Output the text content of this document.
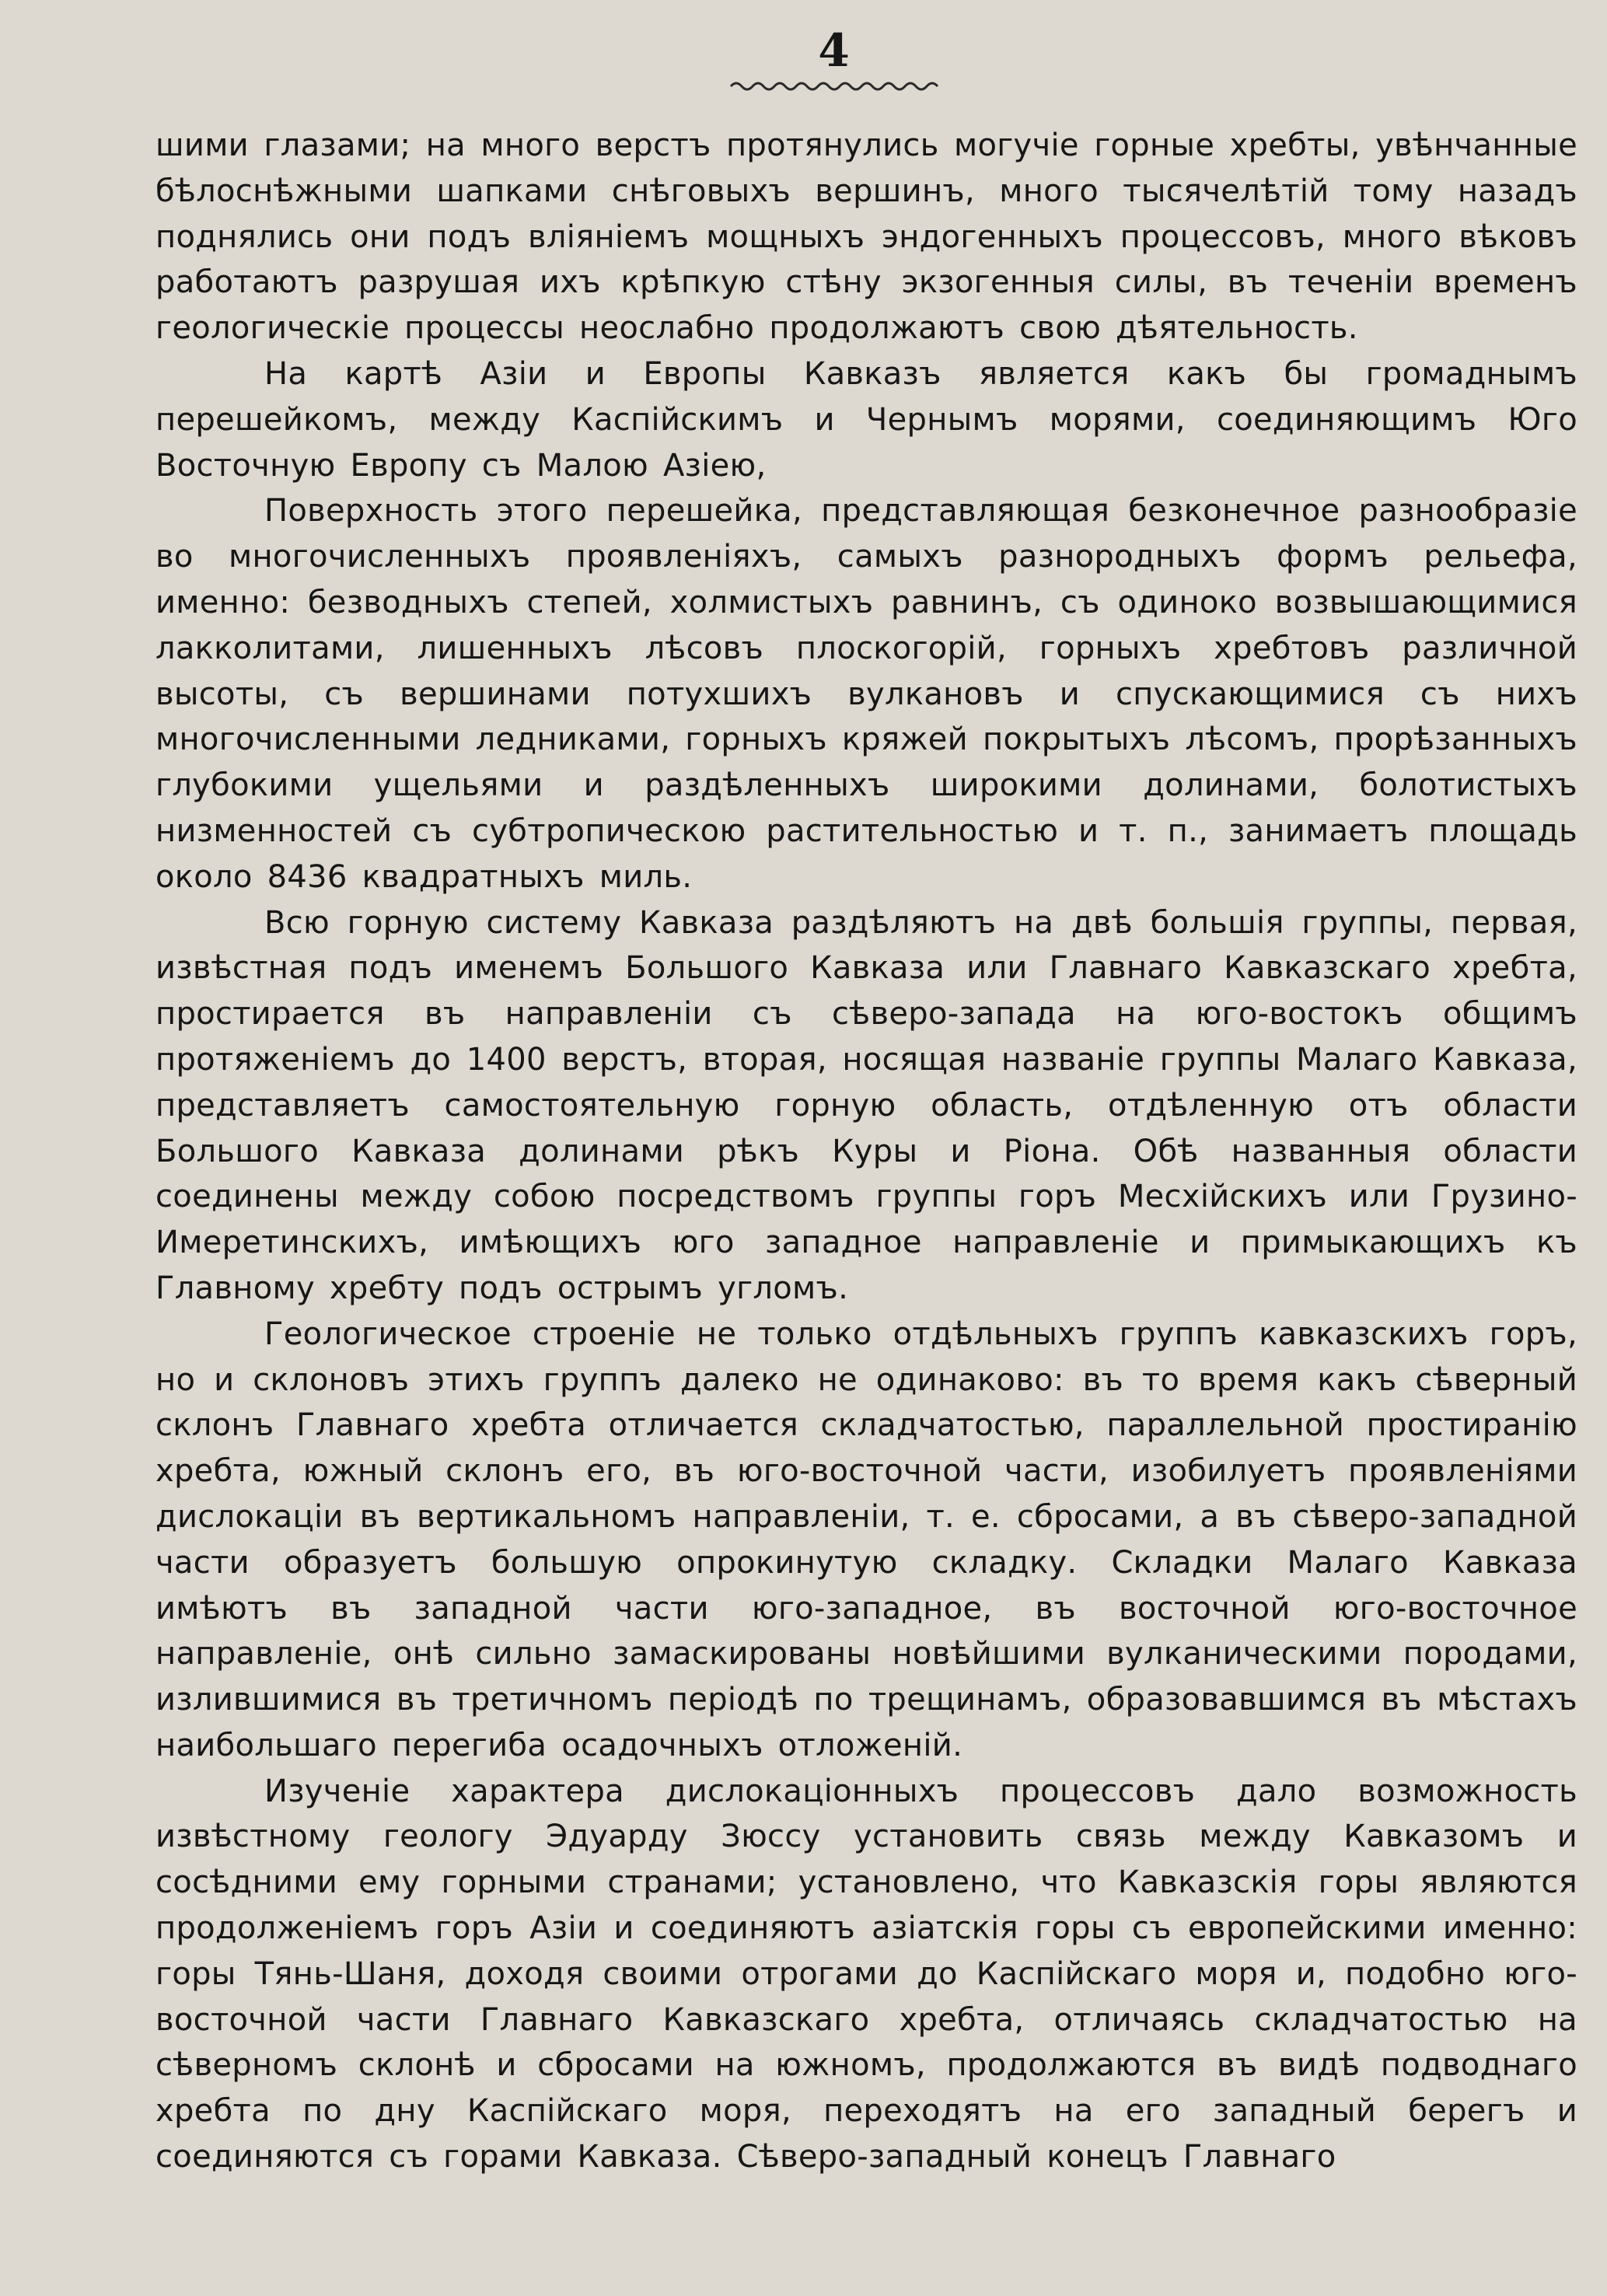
4

шими глазами; на много верстъ протянулись могучіе горные хребты, увѣнчанные бѣлоснѣжными шапками снѣговыхъ вершинъ, много тысячелѣтій тому назадъ поднялись они подъ вліяніемъ мощныхъ эндогенныхъ процессовъ, много вѣковъ работаютъ разрушая ихъ крѣпкую стѣну экзогенныя силы, въ теченіи временъ геологическіе процессы неослабно продолжаютъ свою дѣятельность.

На картѣ Азіи и Европы Кавказъ является какъ бы громаднымъ перешейкомъ, между Каспійскимъ и Чернымъ морями, соединяющимъ Юго Восточную Европу съ Малою Азіею,

Поверхность этого перешейка, представляющая безконечное разнообразіе во многочисленныхъ проявленіяхъ, самыхъ разнородныхъ формъ рельефа, именно: безводныхъ степей, холмистыхъ равнинъ, съ одиноко возвышающимися лакколитами, лишенныхъ лѣсовъ плоскогорій, горныхъ хребтовъ различной высоты, съ вершинами потухшихъ вулкановъ и спускающимися съ нихъ многочисленными ледниками, горныхъ кряжей покрытыхъ лѣсомъ, прорѣзанныхъ глубокими ущельями и раздѣленныхъ широкими долинами, болотистыхъ низменностей съ субтропическою растительностью и т. п., занимаетъ площадь около 8436 квадратныхъ миль.

Всю горную систему Кавказа раздѣляютъ на двѣ большія группы, первая, извѣстная подъ именемъ Большого Кавказа или Главнаго Кавказскаго хребта, простирается въ направленіи съ сѣверо-запада на юго-востокъ общимъ протяженіемъ до 1400 верстъ, вторая, носящая названіе группы Малаго Кавказа, представляетъ самостоятельную горную область, отдѣленную отъ области Большого Кавказа долинами рѣкъ Куры и Ріона. Обѣ названныя области соединены между собою посредствомъ группы горъ Месхійскихъ или Грузино-Имеретинскихъ, имѣющихъ юго западное направленіе и примыкающихъ къ Главному хребту подъ острымъ угломъ.

Геологическое строеніе не только отдѣльныхъ группъ кавказскихъ горъ, но и склоновъ этихъ группъ далеко не одинаково: въ то время какъ сѣверный склонъ Главнаго хребта отличается складчатостью, параллельной простиранію хребта, южный склонъ его, въ юго-восточной части, изобилуетъ проявленіями дислокаціи въ вертикальномъ направленіи, т. е. сбросами, а въ сѣверо-западной части образуетъ большую опрокинутую складку. Складки Малаго Кавказа имѣютъ въ западной части юго-западное, въ восточной юго-восточное направленіе, онѣ сильно замаскированы новѣйшими вулканическими породами, излившимися въ третичномъ періодѣ по трещинамъ, образовавшимся въ мѣстахъ наибольшаго перегиба осадочныхъ отложеній.

Изученіе характера дислокаціонныхъ процессовъ дало возможность извѣстному геологу Эдуарду Зюссу установить связь между Кавказомъ и сосѣдними ему горными странами; установлено, что Кавказскія горы являются продолженіемъ горъ Азіи и соединяютъ азіатскія горы съ европейскими именно: горы Тянь-Шаня, доходя своими отрогами до Каспійскаго моря и, подобно юго-восточной части Главнаго Кавказскаго хребта, отличаясь складчатостью на сѣверномъ склонѣ и сбросами на южномъ, продолжаются въ видѣ подводнаго хребта по дну Каспійскаго моря, переходятъ на его западный берегъ и соединяются съ горами Кавказа. Сѣверо-западный конецъ Главнаго
